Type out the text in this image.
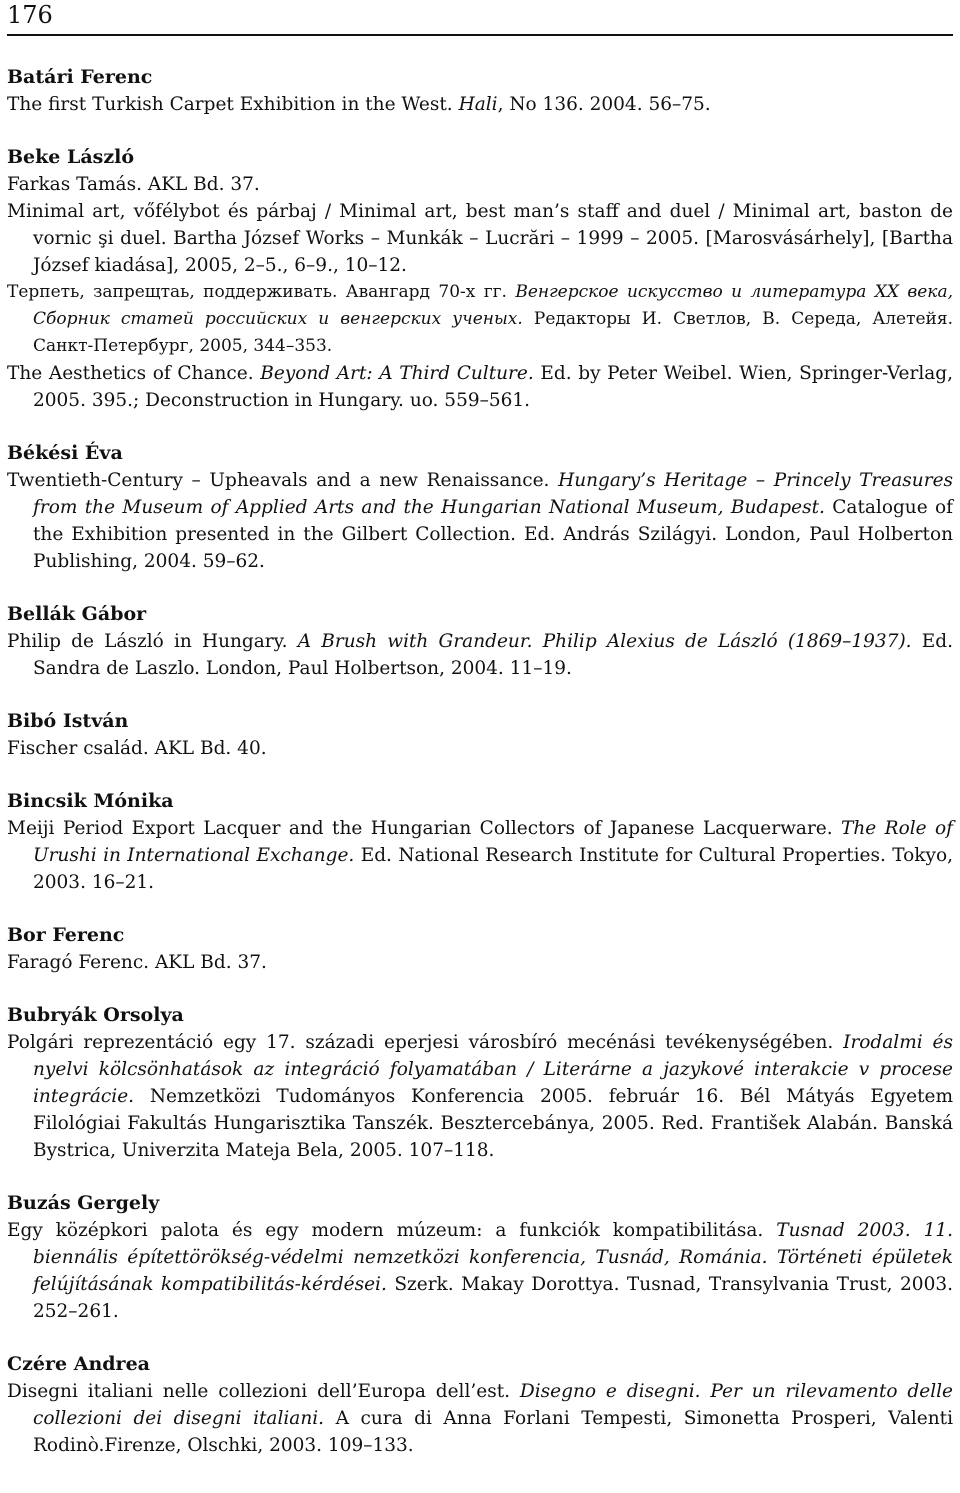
176
Batári Ferenc
The first Turkish Carpet Exhibition in the West. Hali, No 136. 2004. 56–75.
Beke László
Farkas Tamás. AKL Bd. 37.
Minimal art, vőfélybot és párbaj / Minimal art, best man’s staff and duel / Minimal art, baston de vornic şi duel. Bartha József Works – Munkák – Lucrări – 1999 – 2005. [Marosvásárhely], [Bartha József kiadása], 2005, 2–5., 6–9., 10–12.
Терпеть, запрещтаь, поддерживать. Авангард 70-х гг. Венгерское искусство и литература XX века, Сборник статей российских и венгерских ученых. Редакторы И. Светлов, В. Середа, Алетейя. Санкт-Петербург, 2005, 344–353.
The Aesthetics of Chance. Beyond Art: A Third Culture. Ed. by Peter Weibel. Wien, Springer-Verlag, 2005. 395.; Deconstruction in Hungary. uo. 559–561.
Békési Éva
Twentieth-Century – Upheavals and a new Renaissance. Hungary’s Heritage – Princely Treasures from the Museum of Applied Arts and the Hungarian National Museum, Budapest. Catalogue of the Exhibition presented in the Gilbert Collection. Ed. András Szilágyi. London, Paul Holberton Publishing, 2004. 59–62.
Bellák Gábor
Philip de László in Hungary. A Brush with Grandeur. Philip Alexius de László (1869–1937). Ed. Sandra de Laszlo. London, Paul Holbertson, 2004. 11–19.
Bibó István
Fischer család. AKL Bd. 40.
Bincsik Mónika
Meiji Period Export Lacquer and the Hungarian Collectors of Japanese Lacquerware. The Role of Urushi in International Exchange. Ed. National Research Institute for Cultural Properties. Tokyo, 2003. 16–21.
Bor Ferenc
Faragó Ferenc. AKL Bd. 37.
Bubryák Orsolya
Polgári reprezentáció egy 17. századi eperjesi városbíró mecénási tevékenységében. Irodalmi és nyelvi kölcsönhatások az integráció folyamatában / Literárne a jazykové interakcie v procese integrácie. Nemzetközi Tudományos Konferencia 2005. február 16. Bél Mátyás Egyetem Filológiai Fakultás Hungarisztika Tanszék. Besztercebánya, 2005. Red. František Alabán. Banská Bystrica, Univerzita Mateja Bela, 2005. 107–118.
Buzás Gergely
Egy középkori palota és egy modern múzeum: a funkciók kompatibilitása. Tusnad 2003. 11. biennális építettörökség-védelmi nemzetközi konferencia, Tusnád, Románia. Történeti épületek felújításának kompatibilitás-kérdései. Szerk. Makay Dorottya. Tusnad, Transylvania Trust, 2003. 252–261.
Czére Andrea
Disegni italiani nelle collezioni dell’Europa dell’est. Disegno e disegni. Per un rilevamento delle collezioni dei disegni italiani. A cura di Anna Forlani Tempesti, Simonetta Prosperi, Valenti Rodinò.Firenze, Olschki, 2003. 109–133.
